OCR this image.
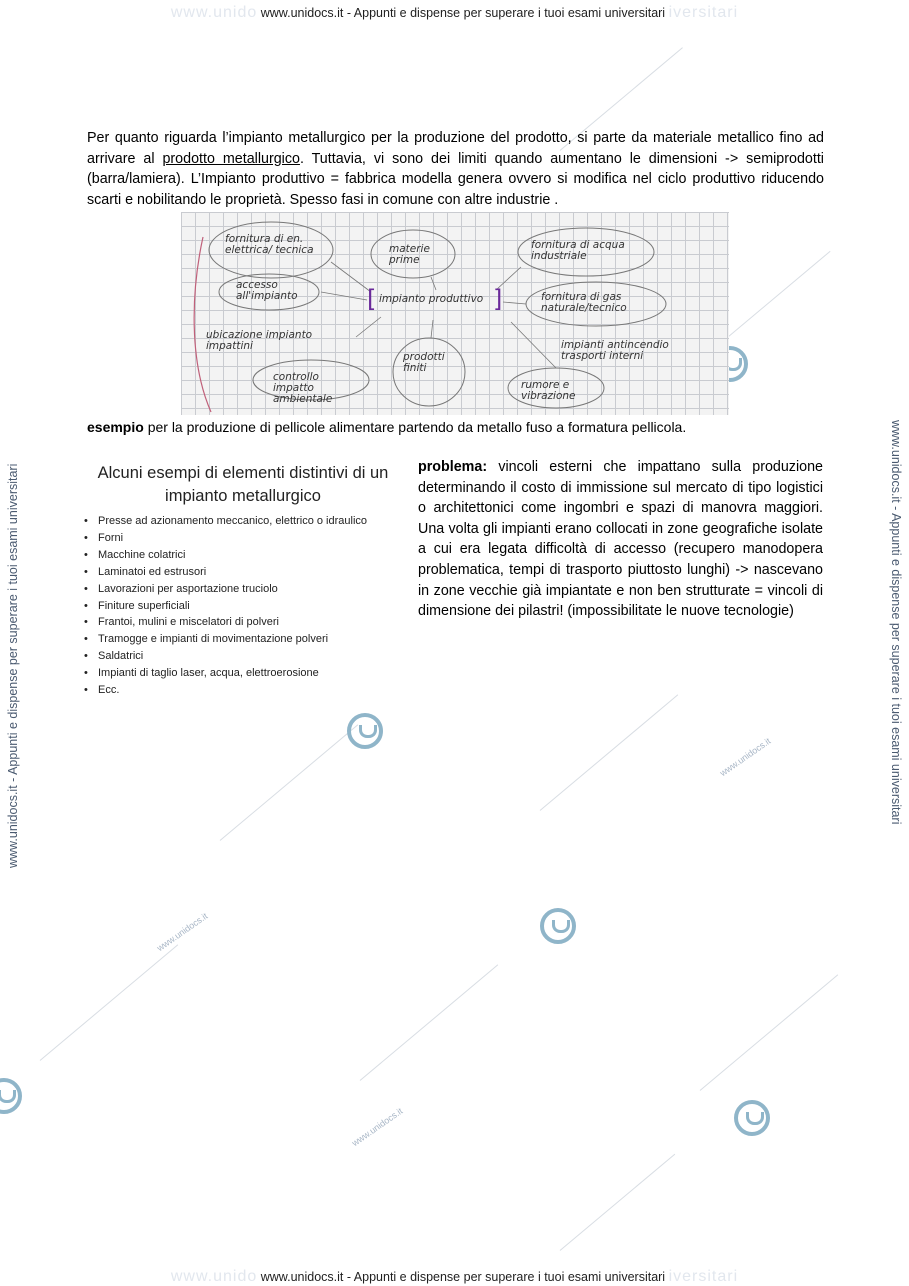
www.unidocs.it
www.unidocs.it
www.unidocs.it
www.unido www.unidocs.it - Appunti e dispense per superare i tuoi esami universitari iversitari
www.unido www.unidocs.it - Appunti e dispense per superare i tuoi esami universitari iversitari
www.unidocs.it - Appunti e dispense per superare i tuoi esami universitari	www.unidocs.it - Appunti e dispense per superare i tuoi esami universitari

Per quanto riguarda l’impianto metallurgico per la produzione del prodotto, si parte da materiale metallico fino ad arrivare al prodotto metallurgico. Tuttavia, vi sono dei limiti quando aumentano le dimensioni -> semiprodotti (barra/lamiera). L’Impianto produttivo = fabbrica modella genera ovvero si modifica nel ciclo produttivo riducendo scarti e nobilitando le proprietà. Spesso fasi in comune con altre industrie .

[	]
impianto produttivo
fornitura di en. elettrica/ tecnica	materie prime
fornitura di acqua industriale
accesso all'impianto	fornitura di gas naturale/tecnico
ubicazione impianto impattini	impianti antincendio trasporti interni
prodotti finiti
controllo impatto ambientale
rumore e vibrazione
esempio per la produzione di pellicole alimentare partendo da metallo fuso a formatura pellicola.
Alcuni esempi di elementi distintivi di un impianto metallurgico
• Presse ad azionamento meccanico, elettrico o idraulico
• Forni
• Macchine colatrici
• Laminatoi ed estrusori
• Lavorazioni per asportazione truciolo
• Finiture superficiali
• Frantoi, mulini e miscelatori di polveri
• Tramogge e impianti di movimentazione polveri
• Saldatrici
• Impianti di taglio laser, acqua, elettroerosione
• Ecc.

problema: vincoli esterni che impattano sulla produzione determinando il costo di immissione sul mercato di tipo logistici o architettonici come ingombri e spazi di manovra maggiori. Una volta gli impianti erano collocati in zone geografiche isolate a cui era legata difficoltà di accesso (recupero manodopera problematica, tempi di trasporto piuttosto lunghi) -> nascevano in zone vecchie già impiantate e non ben strutturate = vincoli di dimensione dei pilastri! (impossibilitate le nuove tecnologie)
